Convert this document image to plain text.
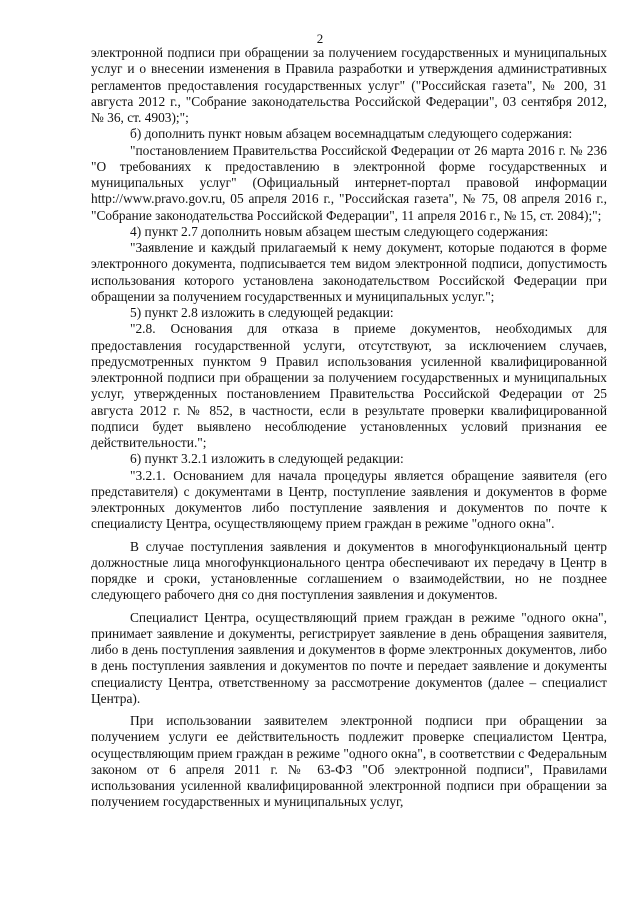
2

электронной подписи при обращении за получением государственных и муниципальных услуг и о внесении изменения в Правила разработки и утверждения административных регламентов предоставления государственных услуг" ("Российская газета", № 200, 31 августа 2012 г., "Собрание законодательства Российской Федерации", 03 сентября 2012, № 36, ст. 4903);";

б) дополнить пункт новым абзацем восемнадцатым следующего содержания:

"постановлением Правительства Российской Федерации от 26 марта 2016 г. № 236 "О требованиях к предоставлению в электронной форме государственных и муниципальных услуг" (Официальный интернет-портал правовой информации http://www.pravo.gov.ru, 05 апреля 2016 г., "Российская газета", № 75, 08 апреля 2016 г., "Собрание законодательства Российской Федерации", 11 апреля 2016 г., № 15, ст. 2084);";

4) пункт 2.7 дополнить новым абзацем шестым следующего содержания:

"Заявление и каждый прилагаемый к нему документ, которые подаются в форме электронного документа, подписывается тем видом электронной подписи, допустимость использования которого установлена законодательством Российской Федерации при обращении за получением государственных и муниципальных услуг.";

5) пункт 2.8 изложить в следующей редакции:

"2.8. Основания для отказа в приеме документов, необходимых для предоставления государственной услуги, отсутствуют, за исключением случаев, предусмотренных пунктом 9 Правил использования усиленной квалифицированной электронной подписи при обращении за получением государственных и муниципальных услуг, утвержденных постановлением Правительства Российской Федерации от 25 августа 2012 г. № 852, в частности, если в результате проверки квалифицированной подписи будет выявлено несоблюдение установленных условий признания ее действительности.";

6) пункт 3.2.1 изложить в следующей редакции:

"3.2.1. Основанием для начала процедуры является обращение заявителя (его представителя) с документами в Центр, поступление заявления и документов в форме электронных документов либо поступление заявления и документов по почте к специалисту Центра, осуществляющему прием граждан в режиме "одного окна".

В случае поступления заявления и документов в многофункциональный центр должностные лица многофункционального центра обеспечивают их передачу в Центр в порядке и сроки, установленные соглашением о взаимодействии, но не позднее следующего рабочего дня со дня поступления заявления и документов.

Специалист Центра, осуществляющий прием граждан в режиме "одного окна", принимает заявление и документы, регистрирует заявление в день обращения заявителя, либо в день поступления заявления и документов в форме электронных документов, либо в день поступления заявления и документов по почте и передает заявление и документы специалисту Центра, ответственному за рассмотрение документов (далее – специалист Центра).

При использовании заявителем электронной подписи при обращении за получением услуги ее действительность подлежит проверке специалистом Центра, осуществляющим прием граждан в режиме "одного окна", в соответствии с Федеральным законом от 6 апреля 2011 г. № 63-ФЗ "Об электронной подписи", Правилами использования усиленной квалифицированной электронной подписи при обращении за получением государственных и муниципальных услуг,
